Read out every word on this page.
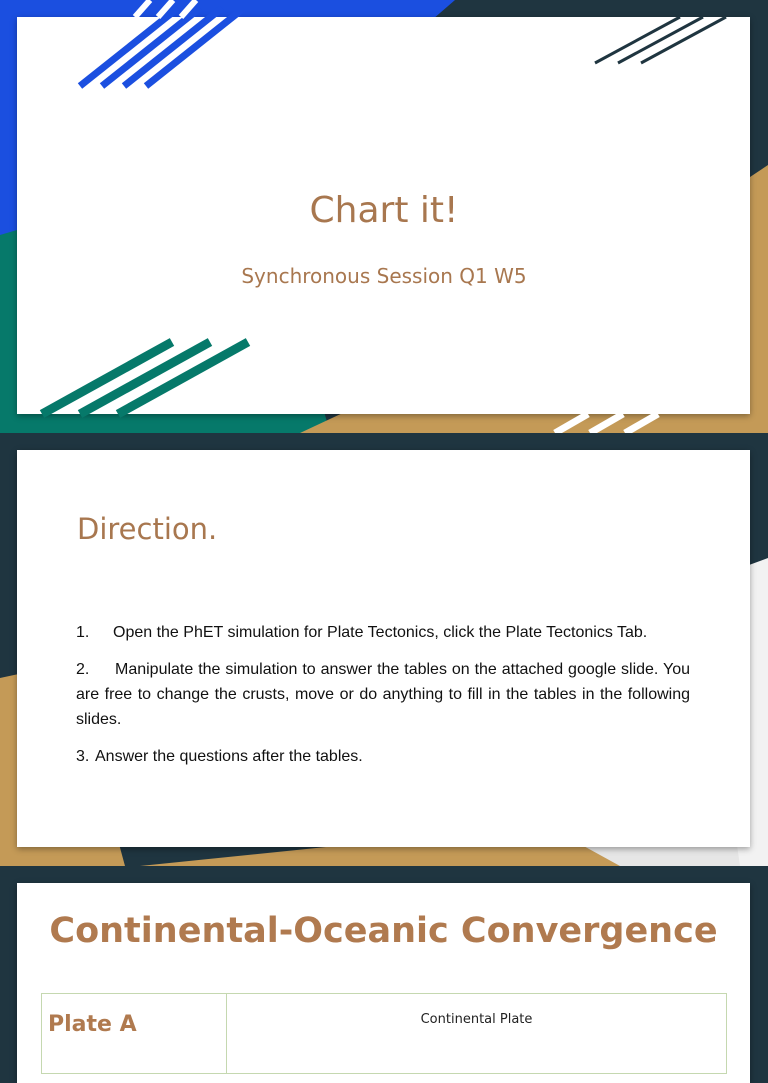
Chart it!
Synchronous Session Q1 W5
Direction.

1. Open the PhET simulation for Plate Tectonics, click the Plate Tectonics Tab.

2. Manipulate the simulation to answer the tables on the attached google slide. You are free to change the crusts, move or do anything to fill in the tables in the following slides.

3. Answer the questions after the tables.

Continental-Oceanic Convergence
Plate A	Continental Plate
